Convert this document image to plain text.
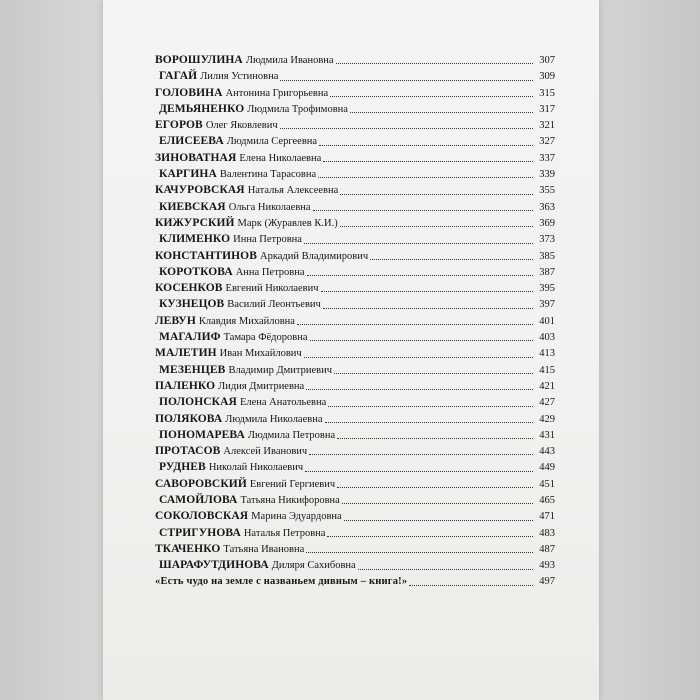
ВОРОШУЛИНА Людмила Ивановна	307
ГАГАЙ Лилия Устиновна	309
ГОЛОВИНА Антонина Григорьевна	315
ДЕМЬЯНЕНКО Людмила Трофимовна	317
ЕГОРОВ Олег Яковлевич	321
ЕЛИСЕЕВА Людмила Сергеевна	327
ЗИНОВАТНАЯ Елена Николаевна	337
КАРГИНА Валентина Тарасовна	339
КАЧУРОВСКАЯ Наталья Алексеевна	355
КИЕВСКАЯ Ольга Николаевна	363
КИЖУРСКИЙ Марк (Журавлев К.И.)	369
КЛИМЕНКО Инна Петровна	373
КОНСТАНТИНОВ Аркадий Владимирович	385
КОРОТКОВА Анна Петровна	387
КОСЕНКОВ Евгений Николаевич	395
КУЗНЕЦОВ Василий Леонтьевич	397
ЛЕВУН Клавдия Михайловна	401
МАГАЛИФ Тамара Фёдоровна	403
МАЛЕТИН Иван Михайлович	413
МЕЗЕНЦЕВ Владимир Дмитриевич	415
ПАЛЕНКО Лидия Дмитриевна	421
ПОЛОНСКАЯ Елена Анатольевна	427
ПОЛЯКОВА Людмила Николаевна	429
ПОНОМАРЕВА Людмила Петровна	431
ПРОТАСОВ Алексей Иванович	443
РУДНЕВ Николай Николаевич	449
САВОРОВСКИЙ Евгений Гергиевич	451
САМОЙЛОВА Татьяна Никифоровна	465
СОКОЛОВСКАЯ Марина Эдуардовна	471
СТРИГУНОВА Наталья Петровна	483
ТКАЧЕНКО Татьяна Ивановна	487
ШАРАФУТДИНОВА Диляря Сахибовна	493
«Есть чудо на земле с названьем дивным – книга!»	497
